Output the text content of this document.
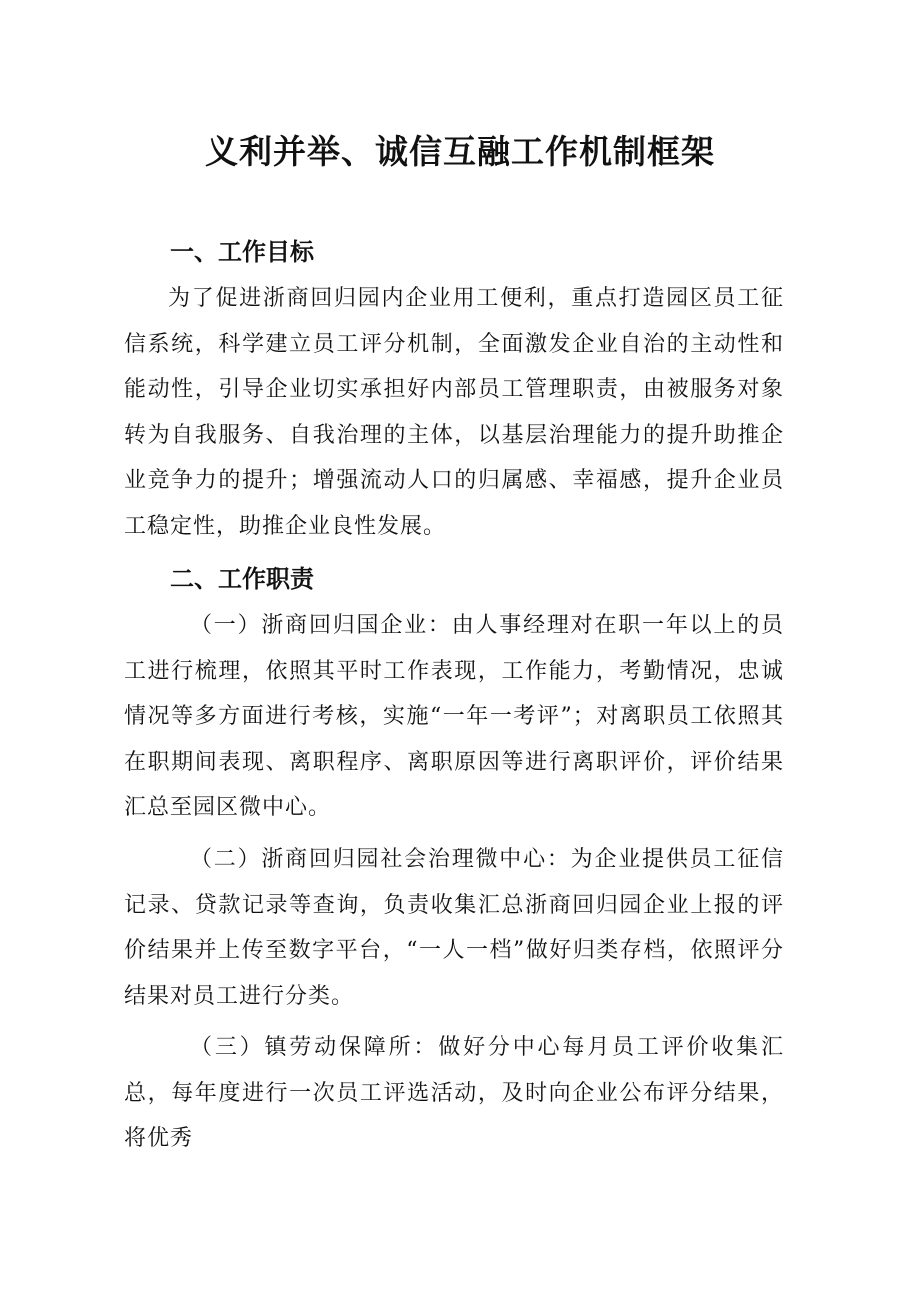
义利并举、诚信互融工作机制框架
一、工作目标

为了促进浙商回归园内企业用工便利，重点打造园区员工征信系统，科学建立员工评分机制，全面激发企业自治的主动性和能动性，引导企业切实承担好内部员工管理职责，由被服务对象转为自我服务、自我治理的主体，以基层治理能力的提升助推企业竞争力的提升；增强流动人口的归属感、幸福感，提升企业员工稳定性，助推企业良性发展。

二、工作职责

（一）浙商回归国企业：由人事经理对在职一年以上的员工进行梳理，依照其平时工作表现，工作能力，考勤情况，忠诚情况等多方面进行考核，实施“一年一考评”；对离职员工依照其在职期间表现、离职程序、离职原因等进行离职评价，评价结果汇总至园区微中心。

（二）浙商回归园社会治理微中心：为企业提供员工征信记录、贷款记录等查询，负责收集汇总浙商回归园企业上报的评价结果并上传至数字平台，“一人一档”做好归类存档，依照评分结果对员工进行分类。

（三）镇劳动保障所：做好分中心每月员工评价收集汇总，每年度进行一次员工评选活动，及时向企业公布评分结果，将优秀
